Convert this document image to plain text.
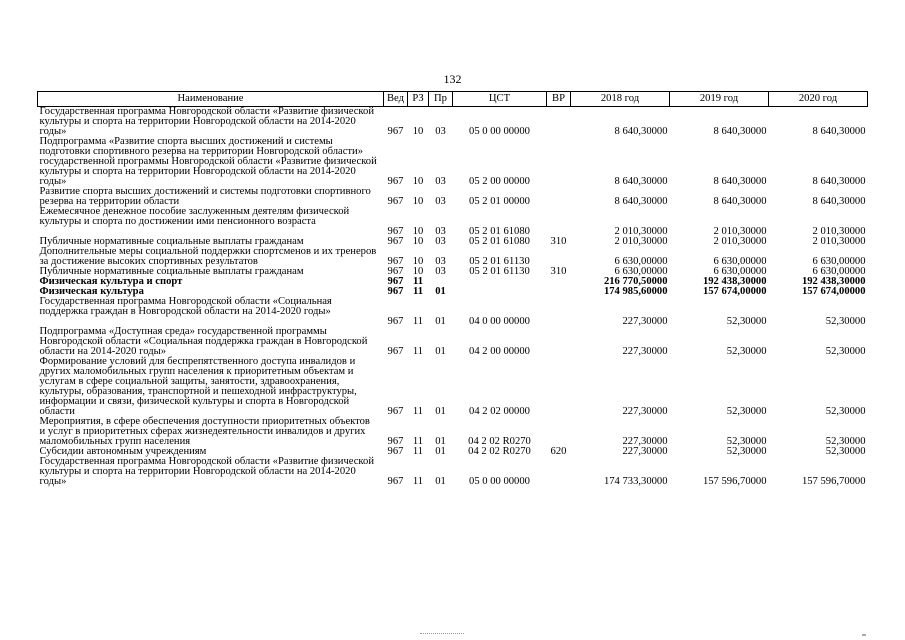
132
Наименование	Вед	РЗ	Пр	ЦСТ	ВР	2018 год	2019 год	2020 год
Государственная программа Новгородской области «Развитие физической культуры и спорта на территории Новгородской области на 2014-2020 годы»	967	10	03	05 0 00 00000		8 640,30000	8 640,30000	8 640,30000
Подпрограмма «Развитие спорта высших достижений и системы подготовки спортивного резерва на территории Новгородской области» государственной программы Новгородской области «Развитие физической культуры и спорта на территории Новгородской области на 2014-2020 годы»	967	10	03	05 2 00 00000		8 640,30000	8 640,30000	8 640,30000
Развитие спорта высших достижений и системы подготовки спортивного резерва на территории области	967	10	03	05 2 01 00000		8 640,30000	8 640,30000	8 640,30000
Ежемесячное денежное пособие заслуженным деятелям физической культуры и спорта по достижении ими пенсионного возраста	967	10	03	05 2 01 61080		2 010,30000	2 010,30000	2 010,30000
Публичные нормативные социальные выплаты гражданам	967	10	03	05 2 01 61080	310	2 010,30000	2 010,30000	2 010,30000
Дополнительные меры социальной поддержки спортсменов и их тренеров за достижение высоких спортивных результатов	967	10	03	05 2 01 61130		6 630,00000	6 630,00000	6 630,00000
Публичные нормативные социальные выплаты гражданам	967	10	03	05 2 01 61130	310	6 630,00000	6 630,00000	6 630,00000
Физическая культура и спорт	967	11				216 770,50000	192 438,30000	192 438,30000
Физическая культура	967	11	01			174 985,60000	157 674,00000	157 674,00000
Государственная программа Новгородской области «Социальная поддержка граждан в Новгородской области на 2014-2020 годы»	967	11	01	04 0 00 00000		227,30000	52,30000	52,30000
Подпрограмма «Доступная среда» государственной программы Новгородской области «Социальная поддержка граждан в Новгородской области на 2014-2020 годы»	967	11	01	04 2 00 00000		227,30000	52,30000	52,30000
Формирование условий для беспрепятственного доступа инвалидов и других маломобильных групп населения к приоритетным объектам и услугам в сфере социальной защиты, занятости, здравоохранения, культуры, образования, транспортной и пешеходной инфраструктуры, информации и связи, физической культуры и спорта в Новгородской области	967	11	01	04 2 02 00000		227,30000	52,30000	52,30000
Мероприятия, в сфере обеспечения доступности приоритетных объектов и услуг в приоритетных сферах жизнедеятельности инвалидов и других маломобильных групп населения	967	11	01	04 2 02 R0270		227,30000	52,30000	52,30000
Субсидии автономным учреждениям	967	11	01	04 2 02 R0270	620	227,30000	52,30000	52,30000
Государственная программа Новгородской области «Развитие физической культуры и спорта на территории Новгородской области на 2014-2020 годы»	967	11	01	05 0 00 00000		174 733,30000	157 596,70000	157 596,70000
